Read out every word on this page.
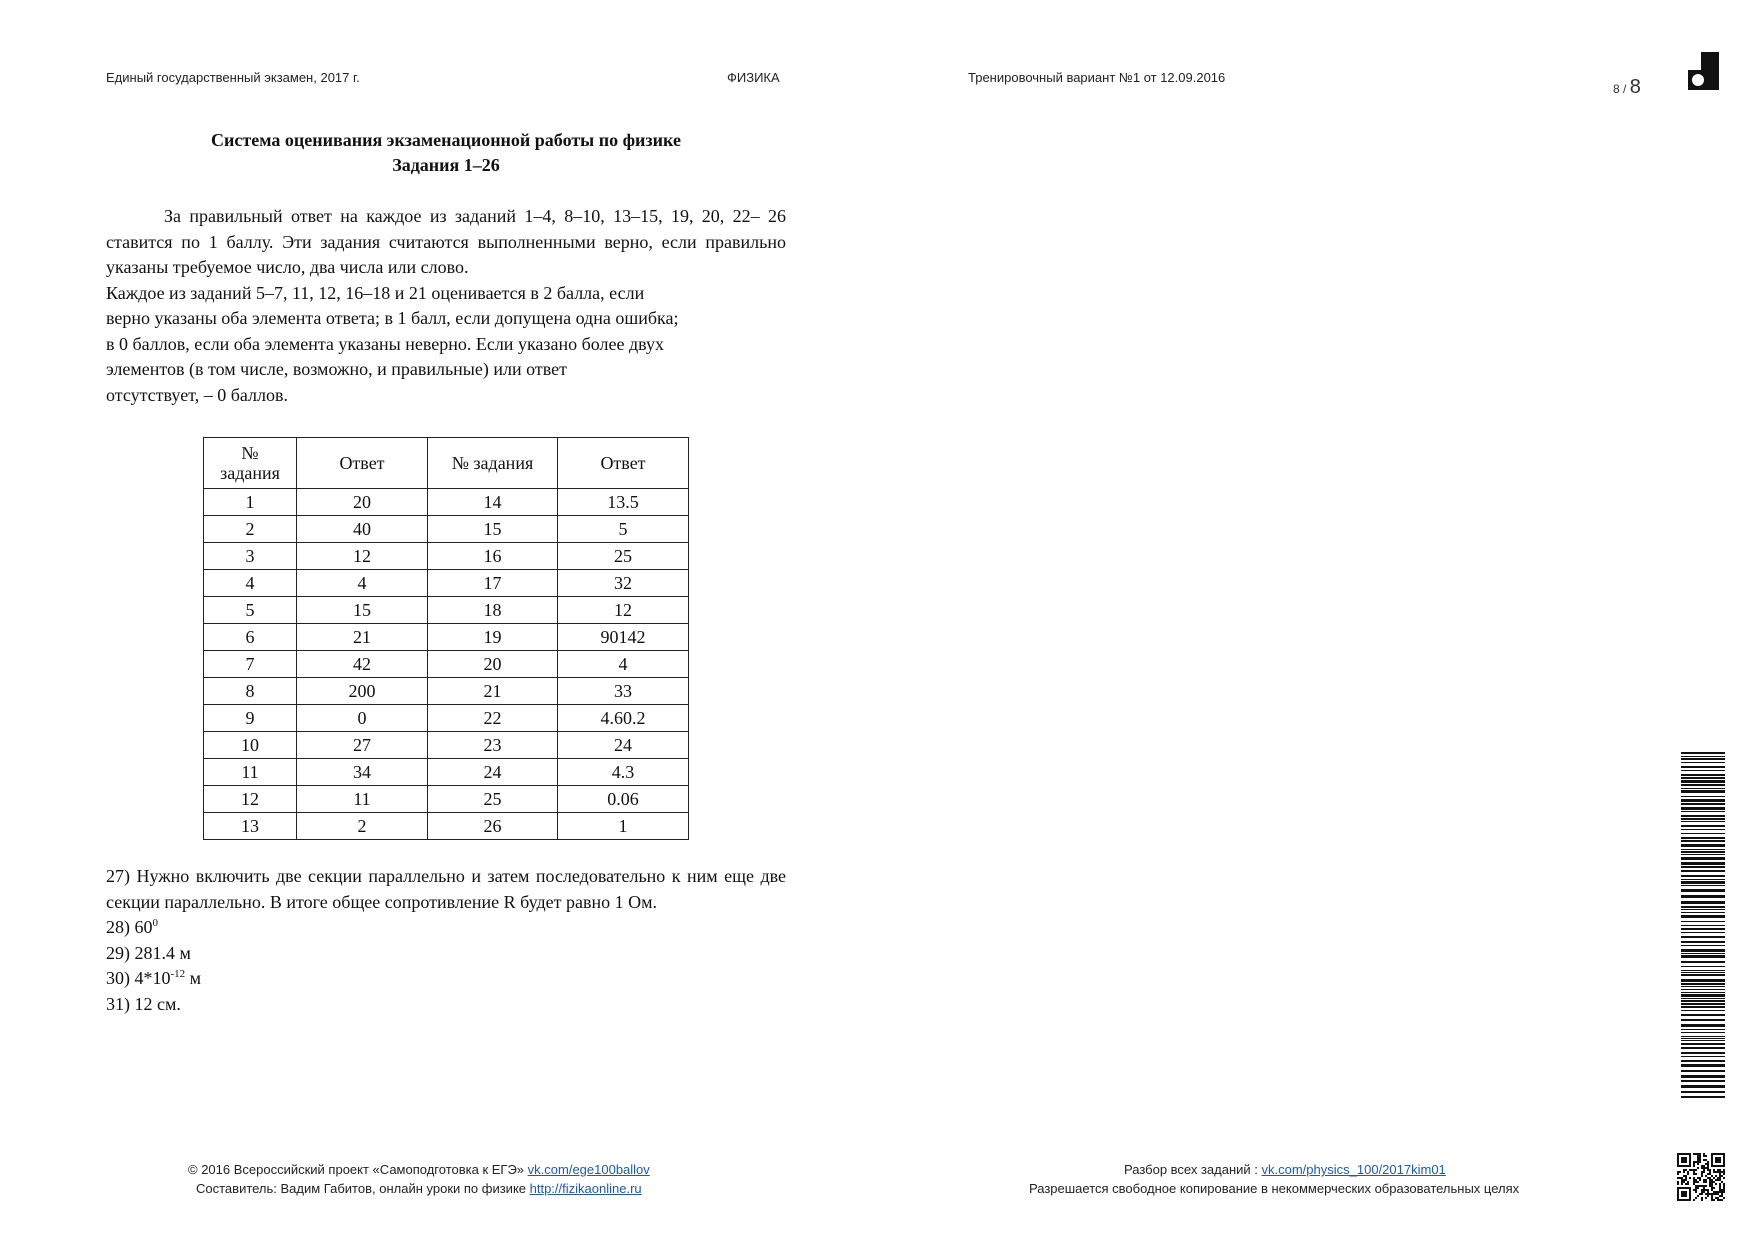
Единый государственный экзамен, 2017 г.	ФИЗИКА	Тренировочный вариант №1 от 12.09.2016
8 / 8
Система оценивания экзаменационной работы по физике
Задания 1–26

За правильный ответ на каждое из заданий 1–4, 8–10, 13–15, 19, 20, 22– 26 ставится по 1 баллу. Эти задания считаются выполненными верно, если правильно указаны требуемое число, два числа или слово.

Каждое из заданий 5–7, 11, 12, 16–18 и 21 оценивается в 2 балла, если

верно указаны оба элемента ответа; в 1 балл, если допущена одна ошибка;

в 0 баллов, если оба элемента указаны неверно. Если указано более двух

элементов (в том числе, возможно, и правильные) или ответ

отсутствует, – 0 баллов.

№
задания	Ответ	№ задания	Ответ
1	20	14	13.5
2	40	15	5
3	12	16	25
4	4	17	32
5	15	18	12
6	21	19	90142
7	42	20	4
8	200	21	33
9	0	22	4.60.2
10	27	23	24
11	34	24	4.3
12	11	25	0.06
13	2	26	1

27) Нужно включить две секции параллельно и затем последовательно к ним еще две секции параллельно. В итоге общее сопротивление R будет равно 1 Ом.

28) $60^0$

29) 281.4 м

30) $4*10^{-12}$ м

31) 12 см.

© 2016 Всероссийский проект «Самоподготовка к ЕГЭ» vk.com/ege100ballov
Составитель: Вадим Габитов, онлайн уроки по физике http://fizikaonline.ru
Разбор всех заданий : vk.com/physics_100/2017kim01
Разрешается свободное копирование в некоммерческих образовательных целях
